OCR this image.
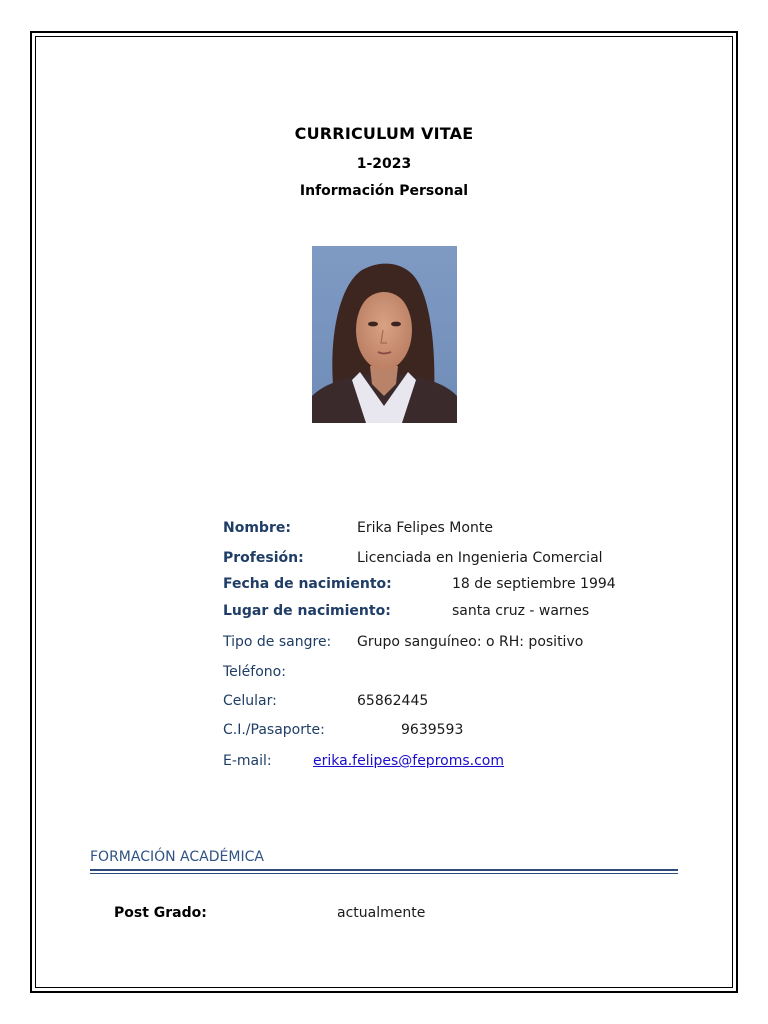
CURRICULUM VITAE
1-2023
Información Personal
Nombre:	Erika Felipes Monte
Profesión:	Licenciada en Ingenieria Comercial
Fecha de nacimiento:	18 de septiembre 1994
Lugar de nacimiento:	santa cruz - warnes
Tipo de sangre: Grupo sanguíneo: o RH: positivo
Teléfono:
Celular:	65862445
C.I./Pasaporte:	9639593
E-mail:	erika.felipes@feproms.com
FORMACIÓN ACADÉMICA
Post Grado:	actualmente
